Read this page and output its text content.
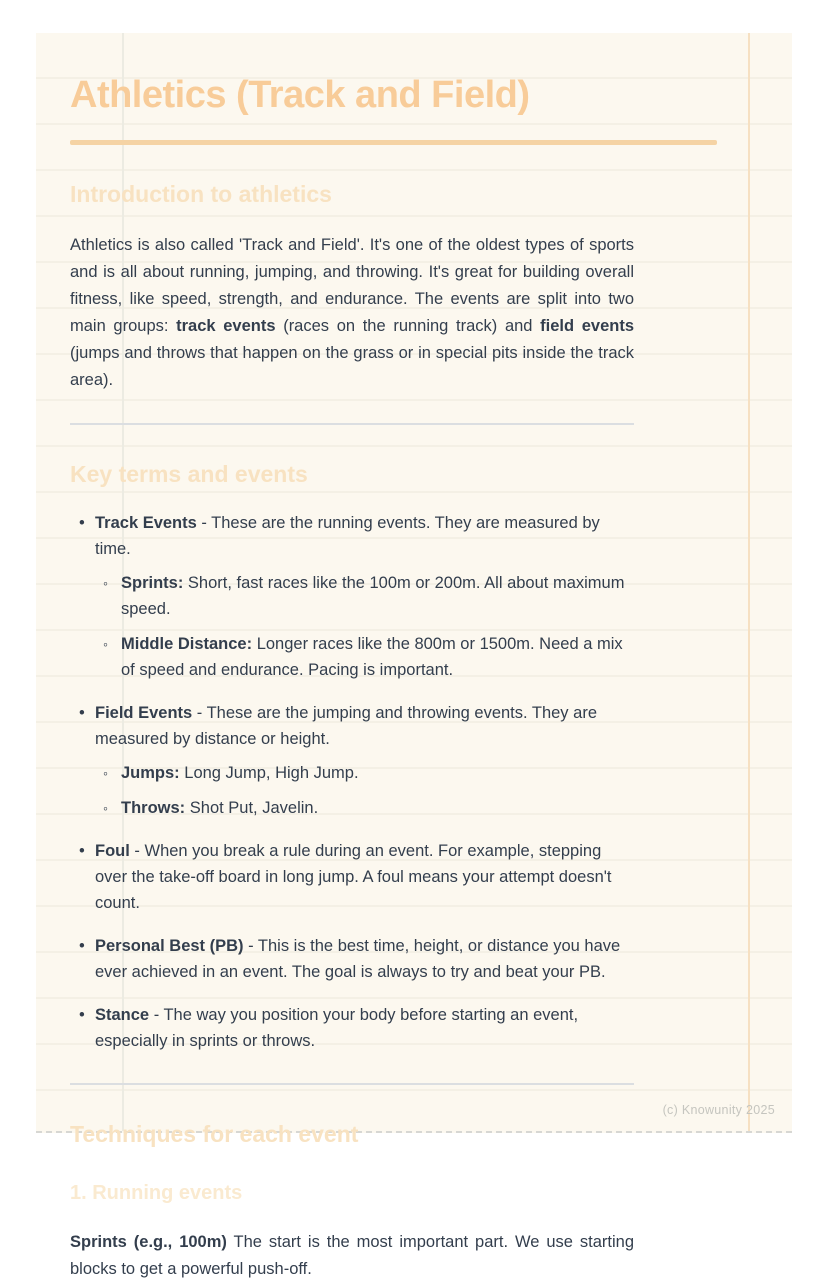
Athletics (Track and Field)
Introduction to athletics

Athletics is also called 'Track and Field'. It's one of the oldest types of sports and is all about running, jumping, and throwing. It's great for building overall fitness, like speed, strength, and endurance. The events are split into two main groups: track events (races on the running track) and field events (jumps and throws that happen on the grass or in special pits inside the track area).

Key terms and events
• Track Events - These are the running events. They are measured by time.
◦ Sprints: Short, fast races like the 100m or 200m. All about maximum speed.
◦ Middle Distance: Longer races like the 800m or 1500m. Need a mix of speed and endurance. Pacing is important.
• Field Events - These are the jumping and throwing events. They are measured by distance or height.
◦ Jumps: Long Jump, High Jump.
◦ Throws: Shot Put, Javelin.
• Foul - When you break a rule during an event. For example, stepping over the take-off board in long jump. A foul means your attempt doesn't count.
• Personal Best (PB) - This is the best time, height, or distance you have ever achieved in an event. The goal is always to try and beat your PB.
• Stance - The way you position your body before starting an event, especially in sprints or throws.
Techniques for each event
1. Running events

Sprints (e.g., 100m) The start is the most important part. We use starting blocks to get a powerful push-off.

(c) Knowunity 2025
